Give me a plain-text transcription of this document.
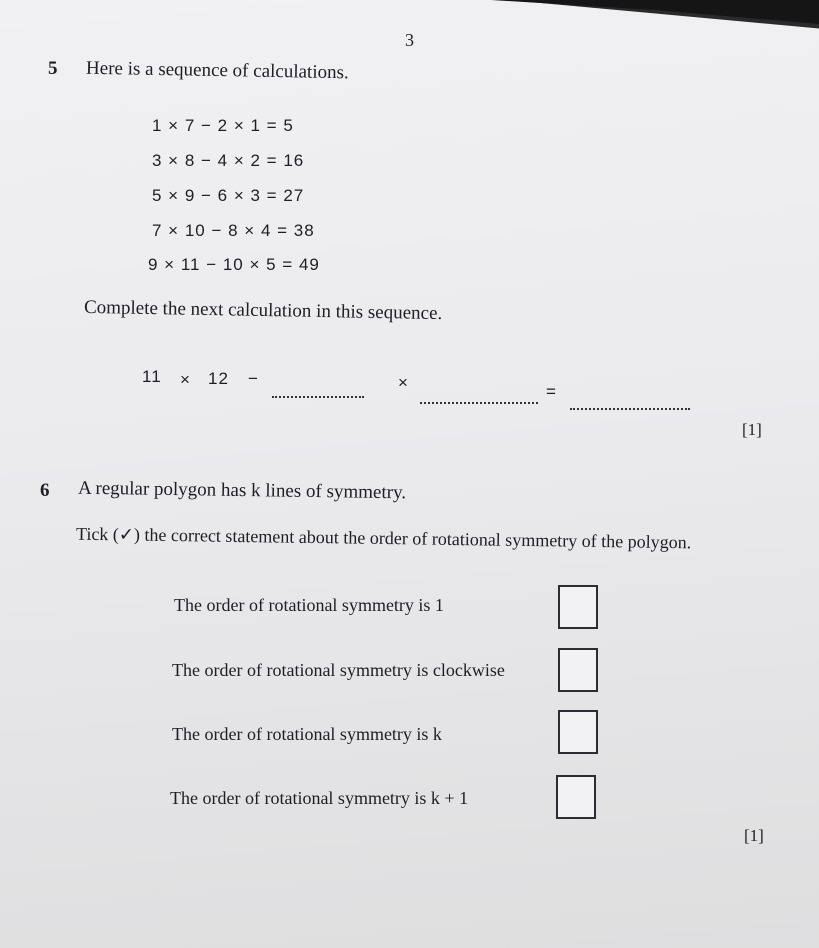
3
5 Here is a sequence of calculations.
1 × 7 − 2 × 1 = 5
3 × 8 − 4 × 2 = 16
5 × 9 − 6 × 3 = 27
7 × 10 − 8 × 4 = 38
9 × 11 − 10 × 5 = 49
Complete the next calculation in this sequence.
11 × 12 −	×	=
[1]
6 A regular polygon has k lines of symmetry.
Tick (✓) the correct statement about the order of rotational symmetry of the polygon.
The order of rotational symmetry is 1
The order of rotational symmetry is clockwise
The order of rotational symmetry is k
The order of rotational symmetry is k + 1
[1]
